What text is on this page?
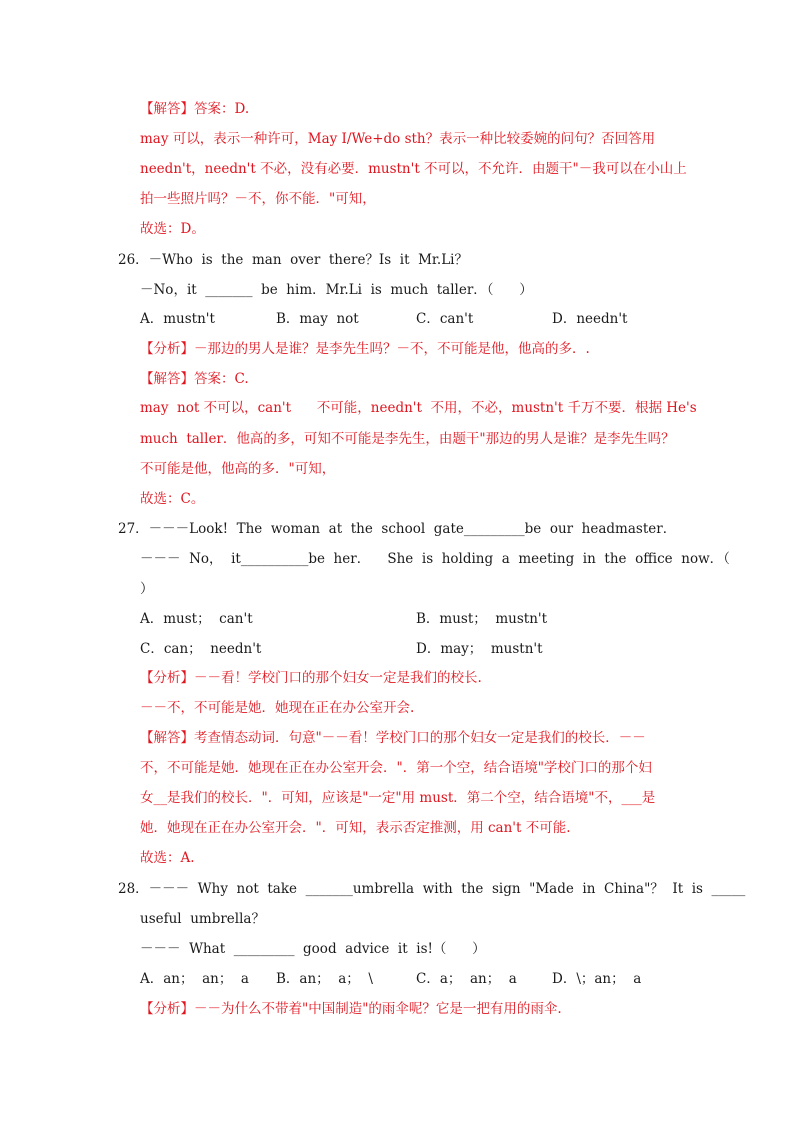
【解答】答案：D.
may 可以，表示一种许可，May I/We+do sth？表示一种比较委婉的问句？否回答用
needn't，needn't 不必，没有必要．mustn't 不可以，不允许．由题干"－我可以在小山上
拍一些照片吗？－不，你不能．"可知，
故选：D。
26．－Who  is  the  man  over  there？Is  it  Mr.Li？
－No，it  _______  be  him．Mr.Li  is  much  taller．（      ）
A．mustn't	B．may  not	C．can't	D．needn't
【分析】－那边的男人是谁？是李先生吗？－不，不可能是他，他高的多．.
【解答】答案：C.
may  not 不可以，can't      不可能，needn't  不用，不必，mustn't 千万不要．根据 He's
much  taller．他高的多，可知不可能是李先生，由题干"那边的男人是谁？是李先生吗？
不可能是他，他高的多．"可知，
故选：C。
27．－－－Look!  The  woman  at  the  school  gate_________be  our  headmaster．
－－－  No，  it__________be  her．    She  is  holding  a  meeting  in  the  office  now．（
）
A．must；  can't	B．must；  mustn't
C．can；  needn't	D．may；  mustn't
【分析】－－看！学校门口的那个妇女一定是我们的校长.
－－不，不可能是她．她现在正在办公室开会.
【解答】考查情态动词．句意"－－看！学校门口的那个妇女一定是我们的校长．－－
不，不可能是她．她现在正在办公室开会．"．第一个空，结合语境"学校门口的那个妇
女__是我们的校长．"．可知，应该是"一定"用 must．第二个空，结合语境"不，___是
她．她现在正在办公室开会．"．可知，表示否定推测，用 can't 不可能.
故选：A.
28．－－－  Why  not  take  _______umbrella  with  the  sign  "Made  in  China"？  It  is  _____
useful  umbrella？
－－－  What  _________  good  advice  it  is!（      ）
A．an；  an；  a B．an；  a；  \	C．a；  an；  a	D．\；an；  a
【分析】－－为什么不带着"中国制造"的雨伞呢？它是一把有用的雨伞.
